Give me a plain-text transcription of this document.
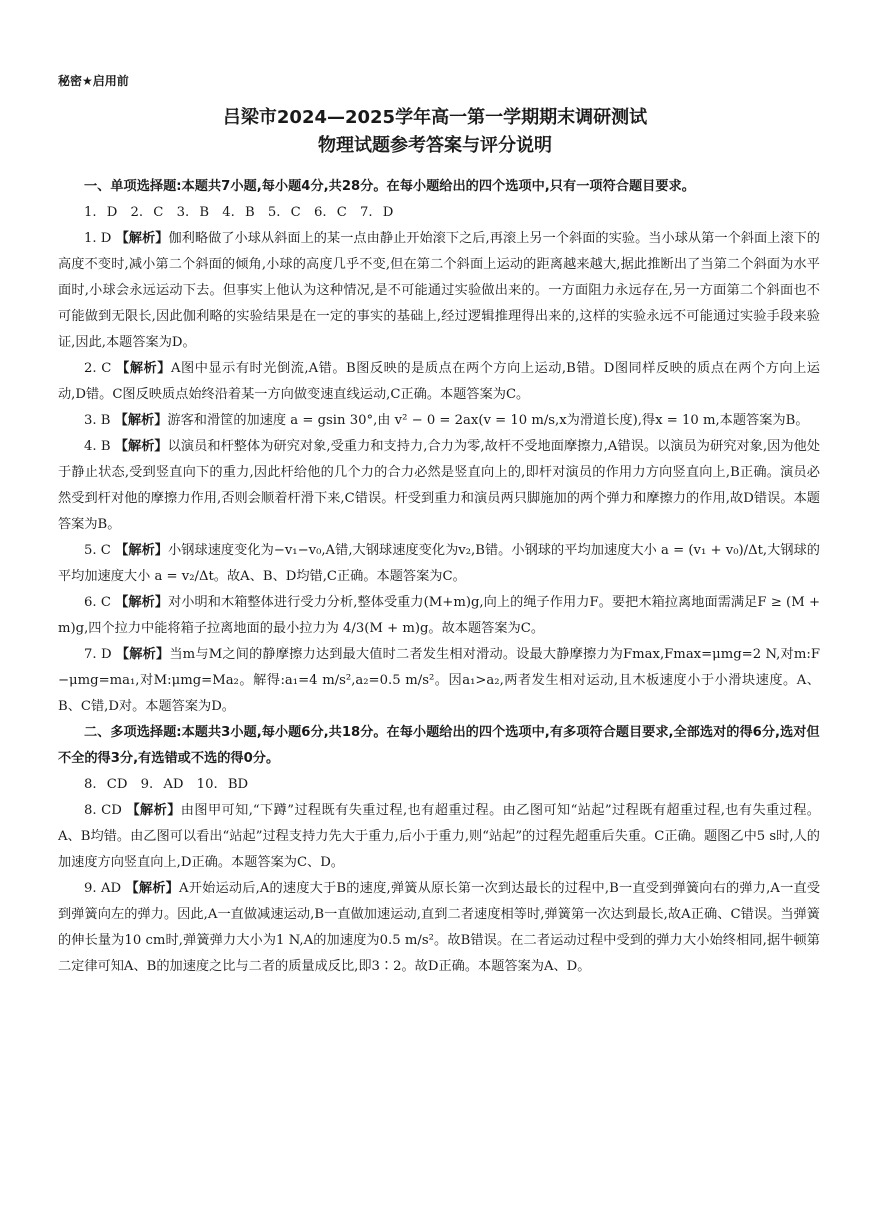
秘密★启用前
吕梁市2024—2025学年高一第一学期期末调研测试
物理试题参考答案与评分说明

一、单项选择题:本题共7小题,每小题4分,共28分。在每小题给出的四个选项中,只有一项符合题目要求。

1. D　2. C　3. B　4. B　5. C　6. C　7. D

1. D 【解析】伽利略做了小球从斜面上的某一点由静止开始滚下之后,再滚上另一个斜面的实验。当小球从第一个斜面上滚下的高度不变时,减小第二个斜面的倾角,小球的高度几乎不变,但在第二个斜面上运动的距离越来越大,据此推断出了当第二个斜面为水平面时,小球会永远运动下去。但事实上他认为这种情况,是不可能通过实验做出来的。一方面阻力永远存在,另一方面第二个斜面也不可能做到无限长,因此伽利略的实验结果是在一定的事实的基础上,经过逻辑推理得出来的,这样的实验永远不可能通过实验手段来验证,因此,本题答案为D。

2. C 【解析】A图中显示有时光倒流,A错。B图反映的是质点在两个方向上运动,B错。D图同样反映的质点在两个方向上运动,D错。C图反映质点始终沿着某一方向做变速直线运动,C正确。本题答案为C。

3. B 【解析】游客和滑筐的加速度 a = gsin 30°,由 v² − 0 = 2ax(v = 10 m/s,x为滑道长度),得x = 10 m,本题答案为B。

4. B 【解析】以演员和杆整体为研究对象,受重力和支持力,合力为零,故杆不受地面摩擦力,A错误。以演员为研究对象,因为他处于静止状态,受到竖直向下的重力,因此杆给他的几个力的合力必然是竖直向上的,即杆对演员的作用力方向竖直向上,B正确。演员必然受到杆对他的摩擦力作用,否则会顺着杆滑下来,C错误。杆受到重力和演员两只脚施加的两个弹力和摩擦力的作用,故D错误。本题答案为B。

5. C 【解析】小钢球速度变化为−v₁−v₀,A错,大钢球速度变化为v₂,B错。小钢球的平均加速度大小 a = (v₁ + v₀)/Δt,大钢球的平均加速度大小 a = v₂/Δt。故A、B、D均错,C正确。本题答案为C。

6. C 【解析】对小明和木箱整体进行受力分析,整体受重力(M+m)g,向上的绳子作用力F。要把木箱拉离地面需满足F ≥ (M + m)g,四个拉力中能将箱子拉离地面的最小拉力为 4/3(M + m)g。故本题答案为C。

7. D 【解析】当m与M之间的静摩擦力达到最大值时二者发生相对滑动。设最大静摩擦力为Fmax,Fmax=μmg=2 N,对m:F −μmg=ma₁,对M:μmg=Ma₂。解得:a₁=4 m/s²,a₂=0.5 m/s²。因a₁>a₂,两者发生相对运动,且木板速度小于小滑块速度。A、B、C错,D对。本题答案为D。

二、多项选择题:本题共3小题,每小题6分,共18分。在每小题给出的四个选项中,有多项符合题目要求,全部选对的得6分,选对但不全的得3分,有选错或不选的得0分。

8. CD　9. AD　10. BD

8. CD 【解析】由图甲可知,“下蹲”过程既有失重过程,也有超重过程。由乙图可知“站起”过程既有超重过程,也有失重过程。A、B均错。由乙图可以看出“站起”过程支持力先大于重力,后小于重力,则“站起”的过程先超重后失重。C正确。题图乙中5 s时,人的加速度方向竖直向上,D正确。本题答案为C、D。

9. AD 【解析】A开始运动后,A的速度大于B的速度,弹簧从原长第一次到达最长的过程中,B一直受到弹簧向右的弹力,A一直受到弹簧向左的弹力。因此,A一直做减速运动,B一直做加速运动,直到二者速度相等时,弹簧第一次达到最长,故A正确、C错误。当弹簧的伸长量为10 cm时,弹簧弹力大小为1 N,A的加速度为0.5 m/s²。故B错误。在二者运动过程中受到的弹力大小始终相同,据牛顿第二定律可知A、B的加速度之比与二者的质量成反比,即3∶2。故D正确。本题答案为A、D。
